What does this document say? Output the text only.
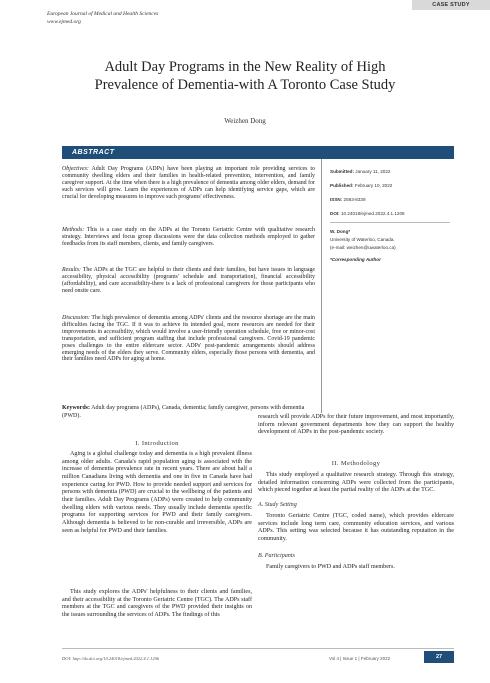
European Journal of Medical and Health Sciences
www.ejmed.org
CASE STUDY
Adult Day Programs in the New Reality of High
Prevalence of Dementia-with A Toronto Case Study
Weizhen Dong
ABSTRACT
Objectives: Adult Day Programs (ADPs) have been playing an important role providing services to community dwelling elders and their families in health-related prevention, intervention, and family caregiver support. At the time when there is a high prevalence of dementia among older elders, demand for such services will grow. Learn the experiences of ADPs can help identifying service gaps, which are crucial for developing measures to improve such programs' effectiveness.
Methods: This is a case study on the ADPs at the Toronto Geriatric Centre with qualitative research strategy. Interviews and focus group discussions were the data collection methods employed to gather feedbacks from its staff members, clients, and family caregivers.
Results: The ADPs at the TGC are helpful to their clients and their families, but have issues in language accessibility, physical accessibility (programs' schedule and transportation), financial accessibility (affordability), and care accessibility-there is a lack of professional caregivers for those participants who need onsite care.
Discussion: The high prevalence of dementia among ADPs' clients and the resource shortage are the main difficulties facing the TGC. If it was to achieve its intended goal, more resources are needed for their improvements in accessibility, which would involve a user-friendly operation schedule, free or minor-cost transportation, and sufficient program staffing that include professional caregivers. Covid-19 pandemic poses challenges to the entire eldercare sector. ADPs' post-pandemic arrangements should address emerging needs of the elders they serve. Community elders, especially those persons with dementia, and their families need ADPs for aging at home.
Submitted: January 11, 2022
Published: February 10, 2022
ISSN: 2593-8339
DOI: 10.24018/ejmed.2022.4.1.1206
W. Dong*
University of Waterloo, Canada.
(e-mail: weizhen@uwaterloo.ca)
*Corresponding Author
Keywords: Adult day programs (ADPs), Canada, dementia; family caregiver, persons with dementia (PWD).
I. Introduction
Aging is a global challenge today and dementia is a high prevalent illness among older adults. Canada's rapid population aging is associated with the increase of dementia prevalence rate in recent years. There are about half a million Canadians living with dementia and one in five in Canada have had experience caring for PWD. How to provide needed support and services for persons with dementia (PWD) are crucial to the wellbeing of the patients and their families. Adult Day Programs (ADPs) were created to help community dwelling elders with various needs. They usually include dementia specific programs for supporting services for PWD and their family caregivers. Although dementia is believed to be non-curable and irreversible, ADPs are seen as helpful for PWD and their families.
This study explores the ADPs' helpfulness to their clients and families, and their accessibility at the Toronto Geriatric Centre (TGC). The ADPs staff members at the TGC and caregivers of the PWD provided their insights on the issues surrounding the services of ADPs. The findings of this
research will provide ADPs for their future improvement, and most importantly, inform relevant government departments how they can support the healthy development of ADPs in the post-pandemic society.
II. Methodology
This study employed a qualitative research strategy. Through this strategy, detailed information concerning ADPs were collected from the participants, which pieced together at least the partial reality of the ADPs at the TGC.
A. Study Setting
Toronto Geriatric Centre (TGC, coded name), which provides eldercare services include long term care, community education services, and various ADPs. This setting was selected because it has outstanding reputation in the community.
B. Participants
Family caregivers to PWD and ADPs staff members.
DOI: http://dx.doi.org/10.24018/ejmed.2022.4.1.1206	Vol 4 | Issue 1 | February 2022	27
